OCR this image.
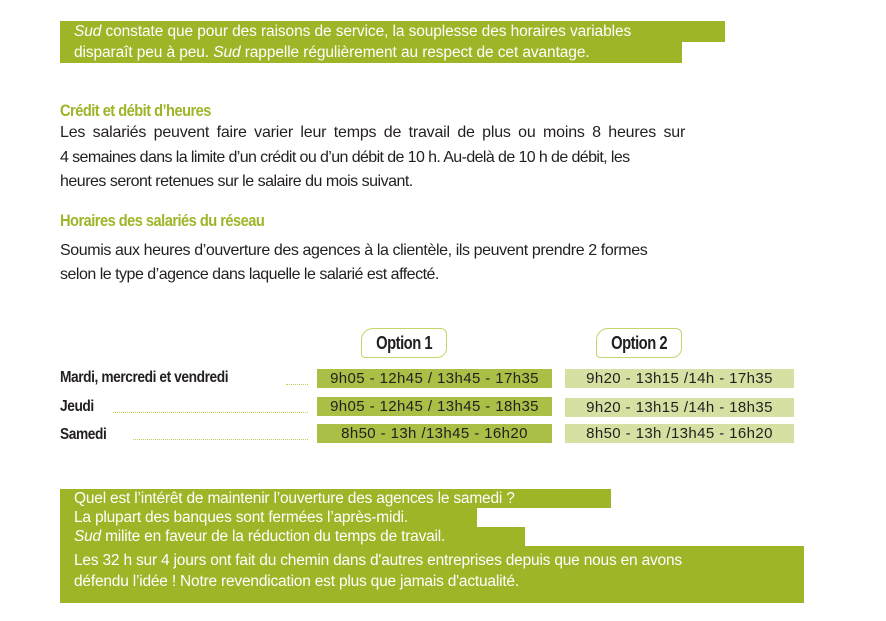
Sud constate que pour des raisons de service, la souplesse des horaires variables
disparaît peu à peu. Sud rappelle régulièrement au respect de cet avantage.
Crédit et débit d’heures
Les salariés peuvent faire varier leur temps de travail de plus ou moins 8 heures sur
4 semaines dans la limite d’un crédit ou d’un débit de 10 h. Au-delà de 10 h de débit, les
heures seront retenues sur le salaire du mois suivant.
Horaires des salariés du réseau
Soumis aux heures d’ouverture des agences à la clientèle, ils peuvent prendre 2 formes
selon le type d’agence dans laquelle le salarié est affecté.
Option 1	Option 2
Mardi, mercredi et vendredi	9h05 - 12h45 / 13h45 - 17h35	9h20 - 13h15 /14h - 17h35
Jeudi	9h05 - 12h45 / 13h45 - 18h35	9h20 - 13h15 /14h - 18h35
Samedi	8h50 - 13h /13h45 - 16h20	8h50 - 13h /13h45 - 16h20
Quel est l’intérêt de maintenir l’ouverture des agences le samedi ?
La plupart des banques sont fermées l’après-midi.
Sud milite en faveur de la réduction du temps de travail.
Les 32 h sur 4 jours ont fait du chemin dans d'autres entreprises depuis que nous en avons
défendu l’idée ! Notre revendication est plus que jamais d'actualité.
